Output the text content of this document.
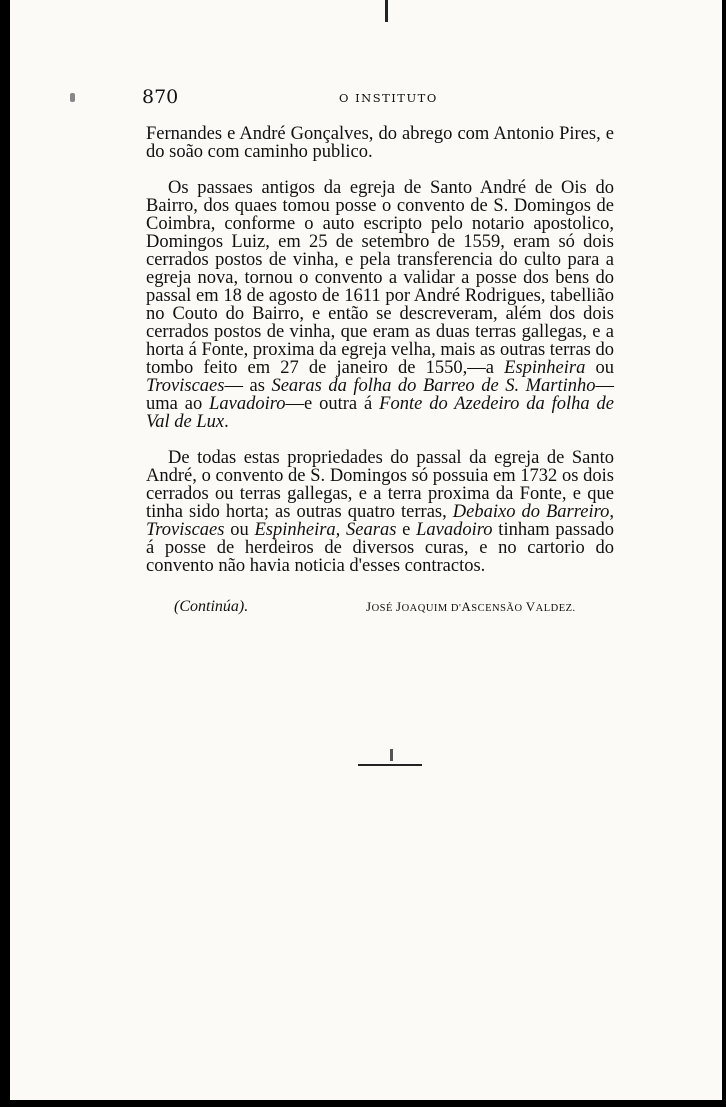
870	O INSTITUTO

Fernandes e André Gonçalves, do abrego com Antonio Pires, e do soão com caminho publico.

Os passaes antigos da egreja de Santo André de Ois do Bairro, dos quaes tomou posse o convento de S. Domingos de Coimbra, conforme o auto escripto pelo notario apostolico, Domingos Luiz, em 25 de setembro de 1559, eram só dois cerrados postos de vinha, e pela transferencia do culto para a egreja nova, tornou o convento a validar a posse dos bens do passal em 18 de agosto de 1611 por André Rodrigues, tabellião no Couto do Bairro, e então se descreveram, além dos dois cerrados postos de vinha, que eram as duas terras gallegas, e a horta á Fonte, proxima da egreja velha, mais as outras terras do tombo feito em 27 de janeiro de 1550,—a Espinheira ou Troviscaes— as Searas da folha do Barreo de S. Martinho—uma ao Lavadoiro—e outra á Fonte do Azedeiro da folha de Val de Lux.

De todas estas propriedades do passal da egreja de Santo André, o convento de S. Domingos só possuia em 1732 os dois cerrados ou terras gallegas, e a terra proxima da Fonte, e que tinha sido horta; as outras quatro terras, Debaixo do Barreiro, Troviscaes ou Espinheira, Searas e Lavadoiro tinham passado á posse de herdeiros de diversos curas, e no cartorio do convento não havia noticia d'esses contractos.

(Continúa).	JOSÉ JOAQUIM D'ASCENSÃO VALDEZ.
